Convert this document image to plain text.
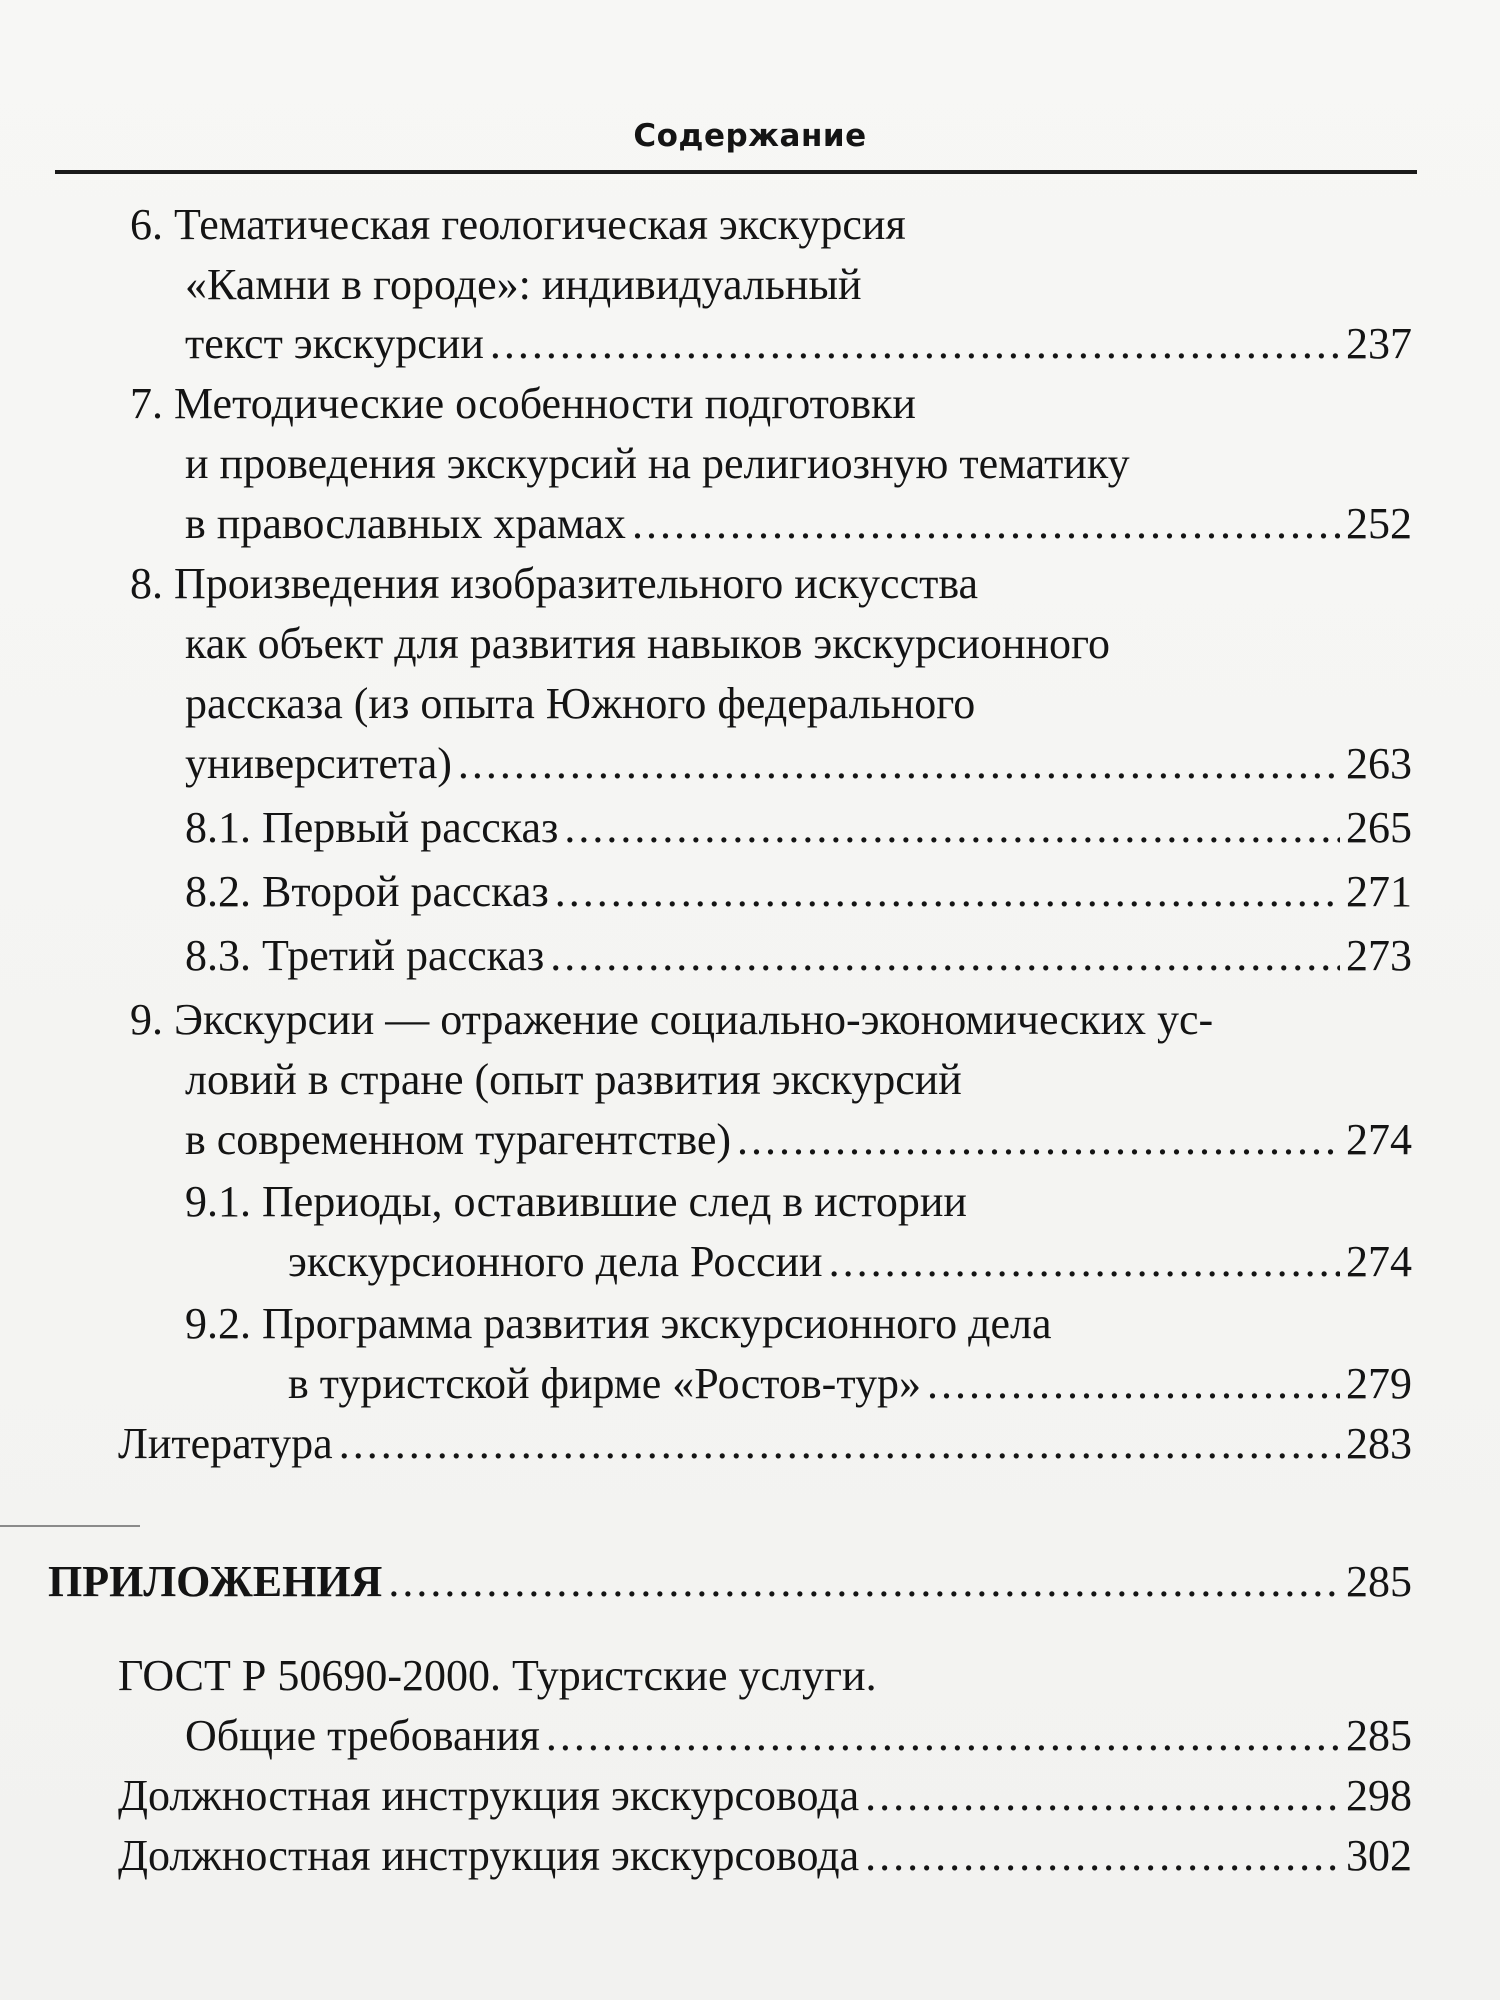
Содержание
6. Тематическая геологическая экскурсия
«Камни в городе»: индивидуальный
текст экскурсии .....	237
7. Методические особенности подготовки
и проведения экскурсий на религиозную тематику
в православных храмах .....	252
8. Произведения изобразительного искусства
как объект для развития навыков экскурсионного
рассказа (из опыта Южного федерального
университета) .....	263
8.1. Первый рассказ .....	265
8.2. Второй рассказ .....	271
8.3. Третий рассказ .....	273
9. Экскурсии — отражение социально-экономических ус-
ловий в стране (опыт развития экскурсий
в современном турагентстве) .....	274
9.1. Периоды, оставившие след в истории
экскурсионного дела России .....	274
9.2. Программа развития экскурсионного дела
в туристской фирме «Ростов-тур» .....	279
Литература .....	283
ПРИЛОЖЕНИЯ .....	285
ГОСТ Р 50690-2000. Туристские услуги.
Общие требования .....	285
Должностная инструкция экскурсовода .....	298
Должностная инструкция экскурсовода .....	302
